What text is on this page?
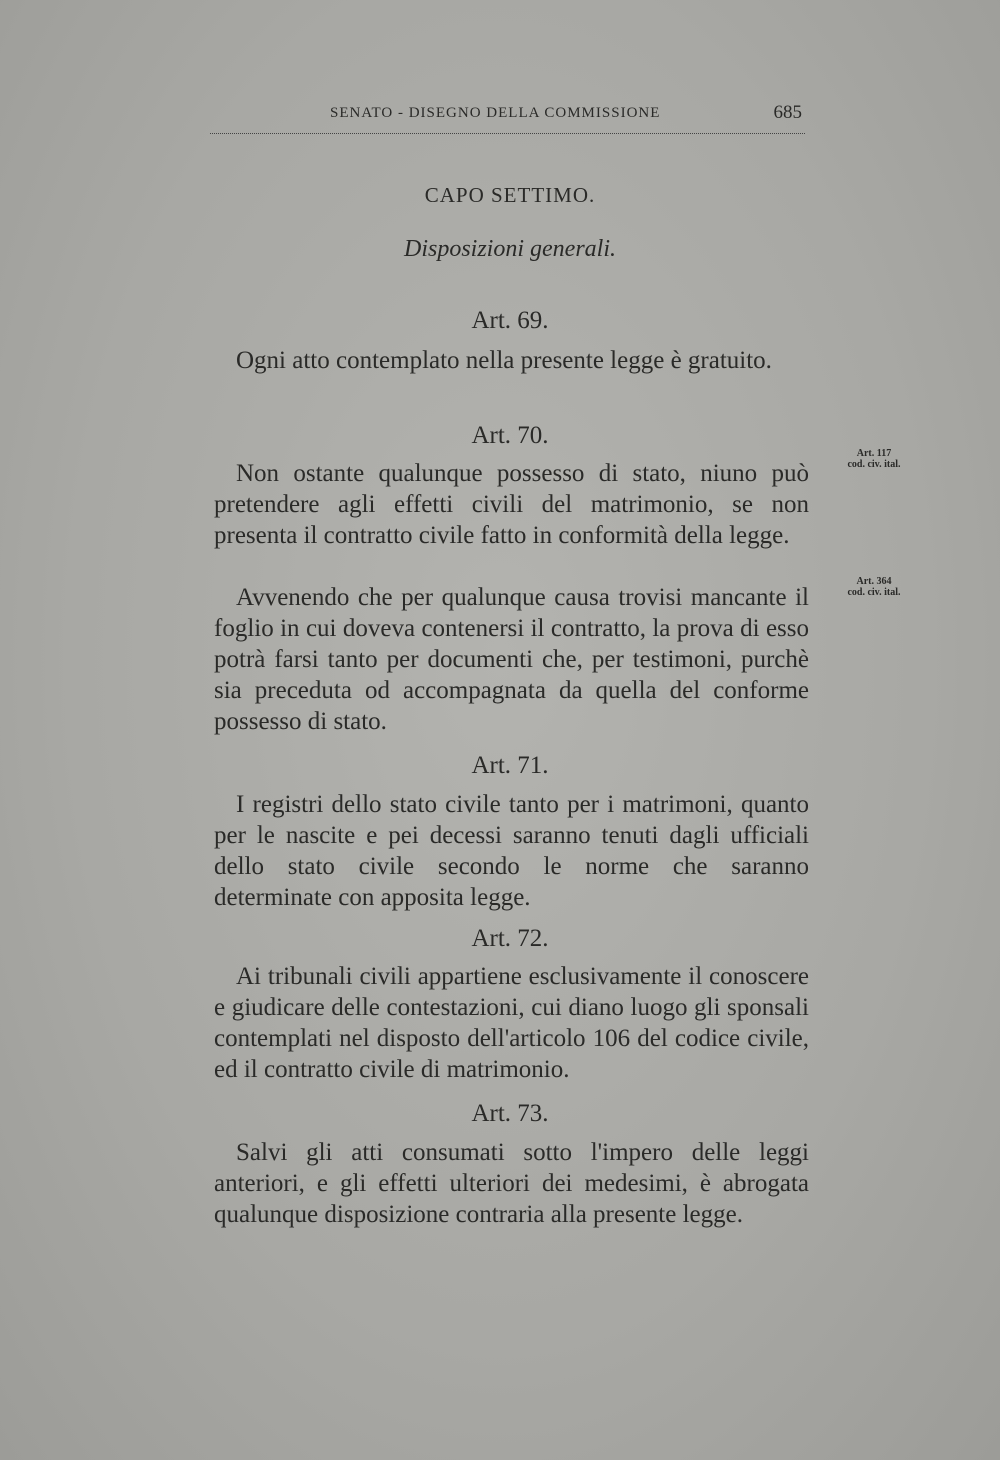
SENATO - DISEGNO DELLA COMMISSIONE	685
CAPO SETTIMO.
Disposizioni generali.
Art. 69.
Ogni atto contemplato nella presente legge è gratuito.
Art. 70.
Non ostante qualunque possesso di stato, niuno può pretendere agli effetti civili del matrimonio, se non presenta il contratto civile fatto in conformità della legge.
Avvenendo che per qualunque causa trovisi mancante il foglio in cui doveva contenersi il contratto, la prova di esso potrà farsi tanto per documenti che, per testimoni, purchè sia preceduta od accompagnata da quella del conforme possesso di stato.
Art. 71.
I registri dello stato civile tanto per i matrimoni, quanto per le nascite e pei decessi saranno tenuti dagli ufficiali dello stato civile secondo le norme che saranno determinate con apposita legge.
Art. 72.
Ai tribunali civili appartiene esclusivamente il conoscere e giudicare delle contestazioni, cui diano luogo gli sponsali contemplati nel disposto dell'articolo 106 del codice civile, ed il contratto civile di matrimonio.
Art. 73.
Salvi gli atti consumati sotto l'impero delle leggi anteriori, e gli effetti ulteriori dei medesimi, è abrogata qualunque disposizione contraria alla presente legge.
Art. 117
cod. civ. ital.
Art. 364
cod. civ. ital.
